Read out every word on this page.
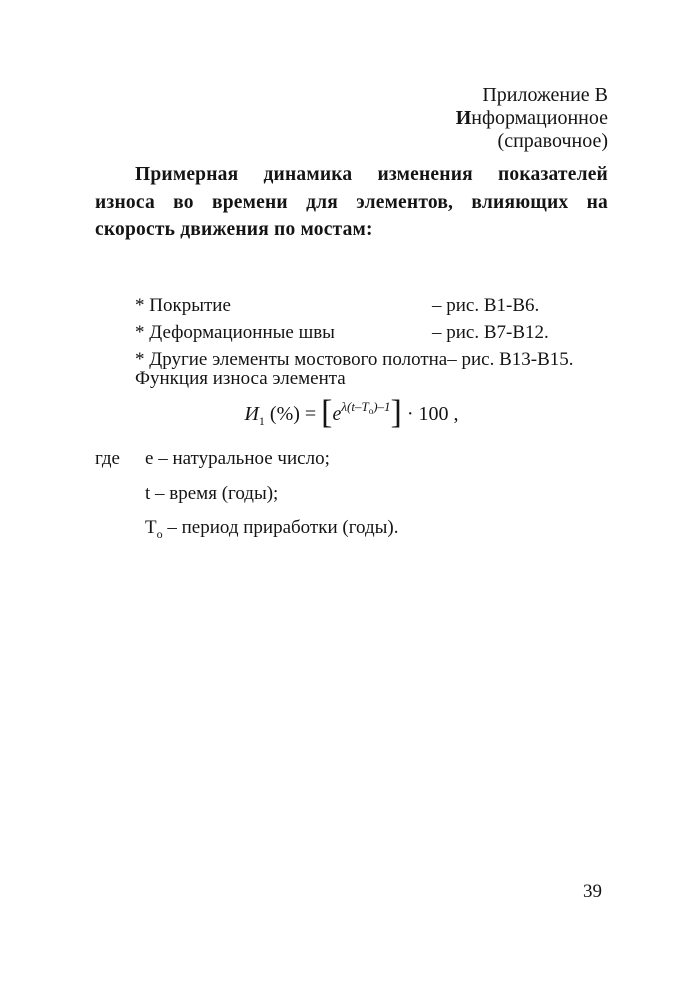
Приложение В
Информационное
(справочное)

Примерная динамика изменения показателей износа во времени для элементов, влияющих на скорость движения по мостам:

* Покрытие	– рис. В1-В6.
* Деформационные швы	– рис. В7-В12.
* Другие элементы мостового полотна – рис. В13-В15.
Функция износа элемента
$И_1$ (%) = $[e^{\lambda(t-T_о)-1}] \cdot 100$ ,
где	е – натуральное число;
t – время (годы);
$Т_о$ – период приработки (годы).
39
